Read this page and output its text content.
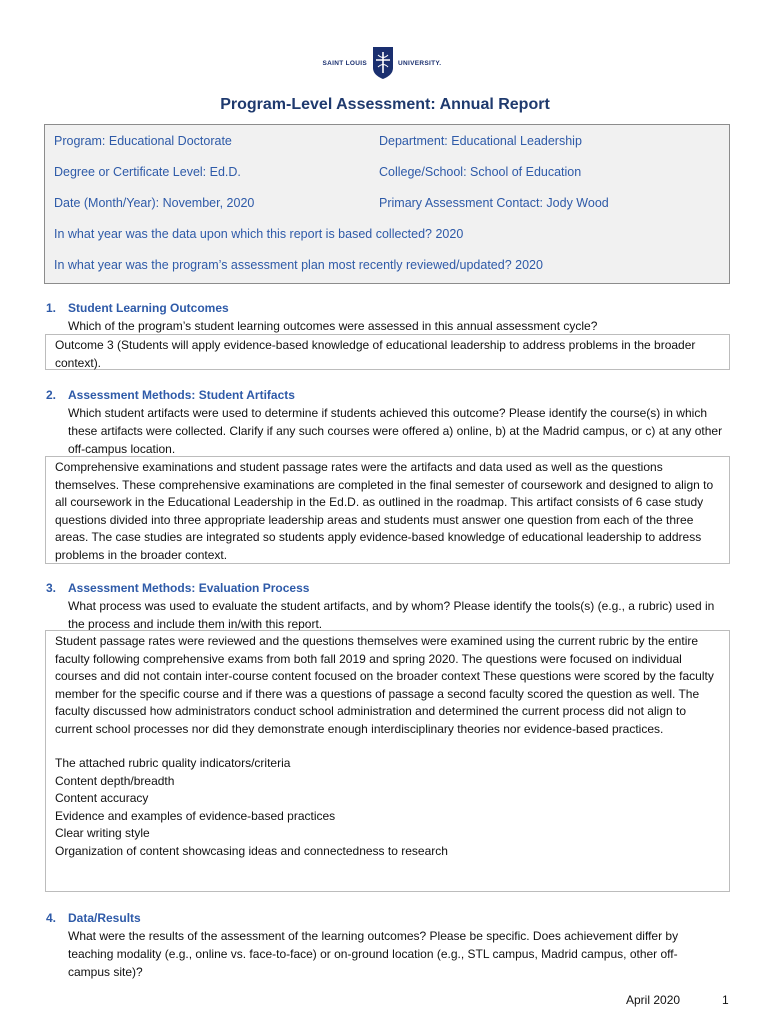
SAINT LOUIS	UNIVERSITY.
Program-Level Assessment: Annual Report
Program: Educational Doctorate	Department: Educational Leadership
Degree or Certificate Level: Ed.D.	College/School: School of Education
Date (Month/Year): November, 2020	Primary Assessment Contact: Jody Wood
In what year was the data upon which this report is based collected? 2020
In what year was the program’s assessment plan most recently reviewed/updated? 2020
1. Student Learning Outcomes
Which of the program’s student learning outcomes were assessed in this annual assessment cycle?

Outcome 3 (Students will apply evidence-based knowledge of educational leadership to address problems in the broader context).

2. Assessment Methods: Student Artifacts
Which student artifacts were used to determine if students achieved this outcome? Please identify the course(s) in which these artifacts were collected. Clarify if any such courses were offered a) online, b) at the Madrid campus, or c) at any other off-campus location.

Comprehensive examinations and student passage rates were the artifacts and data used as well as the questions themselves. These comprehensive examinations are completed in the final semester of coursework and designed to align to all coursework in the Educational Leadership in the Ed.D. as outlined in the roadmap. This artifact consists of 6 case study questions divided into three appropriate leadership areas and students must answer one question from each of the three areas. The case studies are integrated so students apply evidence-based knowledge of educational leadership to address problems in the broader context.

3. Assessment Methods: Evaluation Process
What process was used to evaluate the student artifacts, and by whom? Please identify the tools(s) (e.g., a rubric) used in the process and include them in/with this report.

Student passage rates were reviewed and the questions themselves were examined using the current rubric by the entire faculty following comprehensive exams from both fall 2019 and spring 2020. The questions were focused on individual courses and did not contain inter-course content focused on the broader context These questions were scored by the faculty member for the specific course and if there was a questions of passage a second faculty scored the question as well. The faculty discussed how administrators conduct school administration and determined the current process did not align to current school processes nor did they demonstrate enough interdisciplinary theories nor evidence-based practices.

The attached rubric quality indicators/criteria

Content depth/breadth

Content accuracy

Evidence and examples of evidence-based practices

Clear writing style

Organization of content showcasing ideas and connectedness to research

4. Data/Results
What were the results of the assessment of the learning outcomes? Please be specific. Does achievement differ by teaching modality (e.g., online vs. face-to-face) or on-ground location (e.g., STL campus, Madrid campus, other off-campus site)?
April 2020	1
